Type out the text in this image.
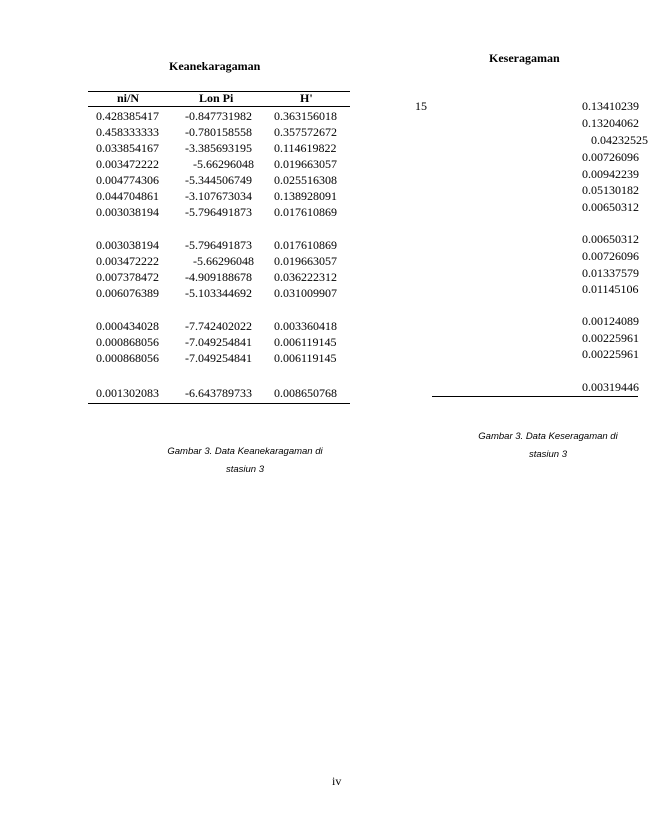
Keanekaragaman
ni/N	Lon Pi	H'
0.428385417 -0.847731982 0.363156018
0.458333333 -0.780158558 0.357572672
0.033854167 -3.385693195 0.114619822
0.003472222	-5.66296048 0.019663057
0.004774306 -5.344506749 0.025516308
0.044704861 -3.107673034 0.138928091
0.003038194 -5.796491873 0.017610869
0.003038194 -5.796491873 0.017610869
0.003472222	-5.66296048 0.019663057
0.007378472 -4.909188678 0.036222312
0.006076389 -5.103344692 0.031009907
0.000434028 -7.742402022 0.003360418
0.000868056 -7.049254841 0.006119145
0.000868056 -7.049254841 0.006119145
0.001302083 -6.643789733 0.008650768
Gambar 3. Data Keanekaragaman di
stasiun 3
Keseragaman
15	0.13410239
0.13204062
0.04232525
0.00726096
0.00942239
0.05130182
0.00650312
0.00650312
0.00726096
0.01337579
0.01145106
0.00124089
0.00225961
0.00225961
0.00319446
Gambar 3. Data Keseragaman di
stasiun 3
iv
